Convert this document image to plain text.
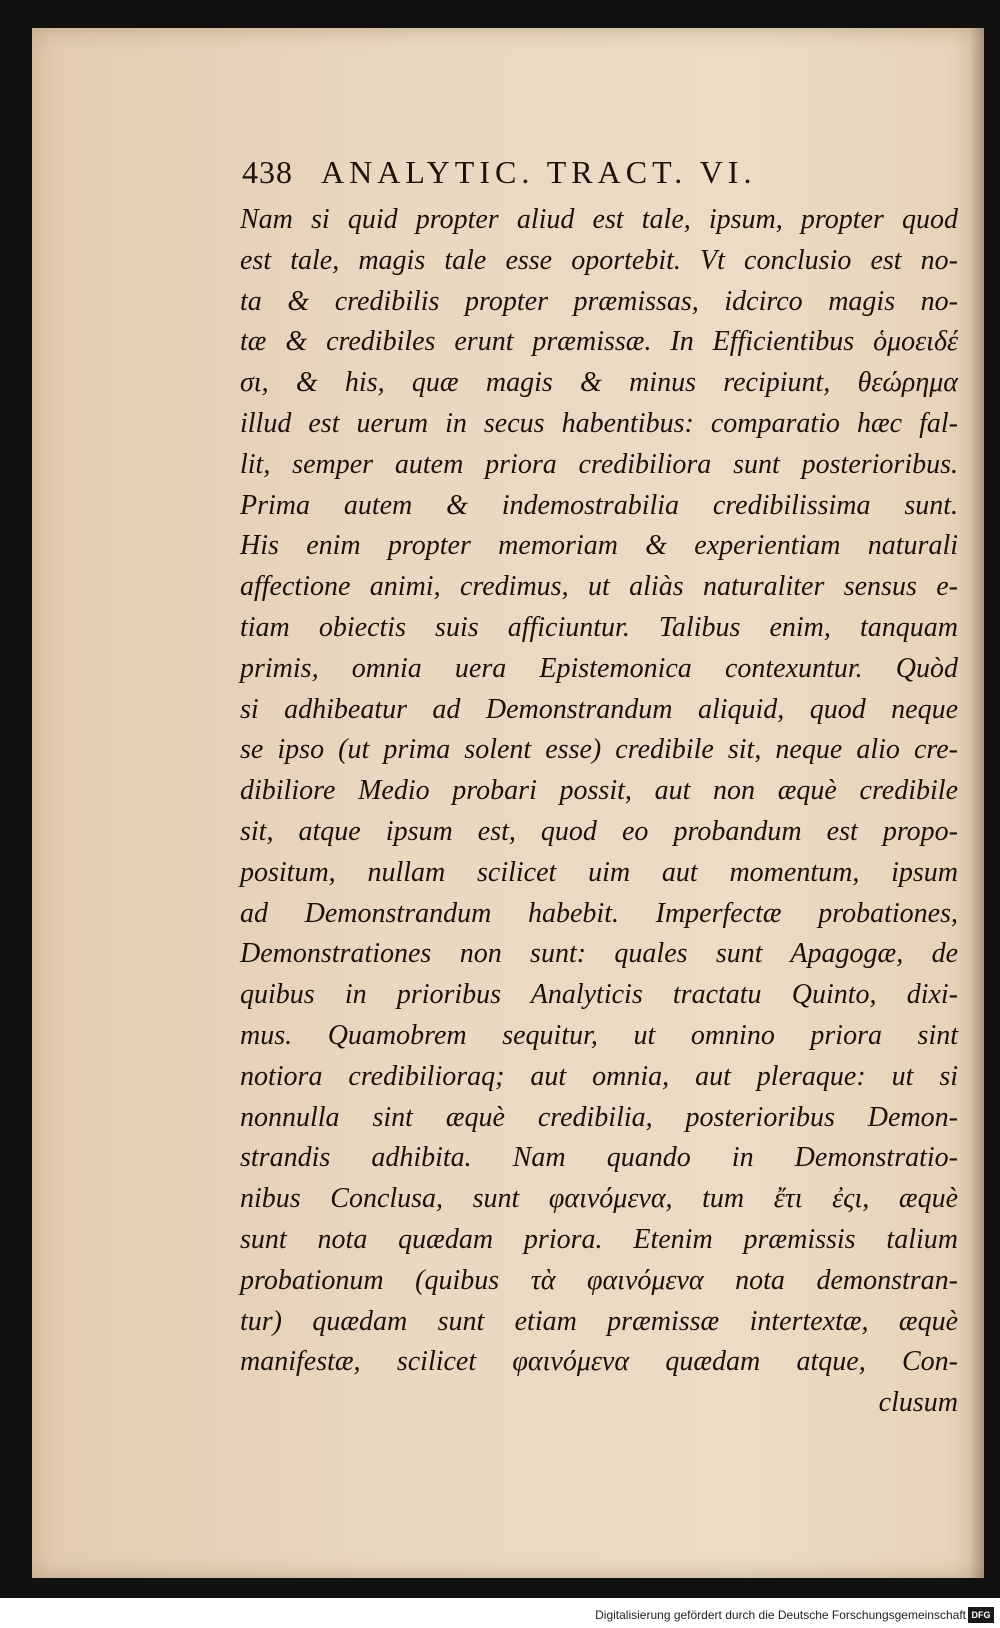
438 ANALYTIC. TRACT. VI.
Nam si quid propter aliud est tale, ipsum, propter quod
est tale, magis tale esse oportebit. Vt conclusio est no-
ta & credibilis propter præmissas, idcirco magis no-
tæ & credibiles erunt præmissæ. In Efficientibus ὁμοειδέ
σι, & his, quæ magis & minus recipiunt, θεώρημα
illud est uerum in secus habentibus: comparatio hæc fal-
lit, semper autem priora credibiliora sunt posterioribus.
Prima autem & indemostrabilia credibilissima sunt.
His enim propter memoriam & experientiam naturali
affectione animi, credimus, ut aliàs naturaliter sensus e-
tiam obiectis suis afficiuntur. Talibus enim, tanquam
primis, omnia uera Epistemonica contexuntur. Quòd
si adhibeatur ad Demonstrandum aliquid, quod neque
se ipso (ut prima solent esse) credibile sit, neque alio cre-
dibiliore Medio probari possit, aut non æquè credibile
sit, atque ipsum est, quod eo probandum est propo-
positum, nullam scilicet uim aut momentum, ipsum
ad Demonstrandum habebit. Imperfectæ probationes,
Demonstrationes non sunt: quales sunt Apagogæ, de
quibus in prioribus Analyticis tractatu Quinto, dixi-
mus. Quamobrem sequitur, ut omnino priora sint
notiora credibilioraq; aut omnia, aut pleraque: ut si
nonnulla sint æquè credibilia, posterioribus Demon-
strandis adhibita. Nam quando in Demonstratio-
nibus Conclusa, sunt φαινόμενα, tum ἔτι ἐςι, æquè
sunt nota quædam priora. Etenim præmissis talium
probationum (quibus τὰ φαινόμενα nota demonstran-
tur) quædam sunt etiam præmissæ intertextæ, æquè
manifestæ, scilicet φαινόμενα quædam atque, Con-
clusum
Digitalisierung gefördert durch die Deutsche Forschungsgemeinschaft DFG
